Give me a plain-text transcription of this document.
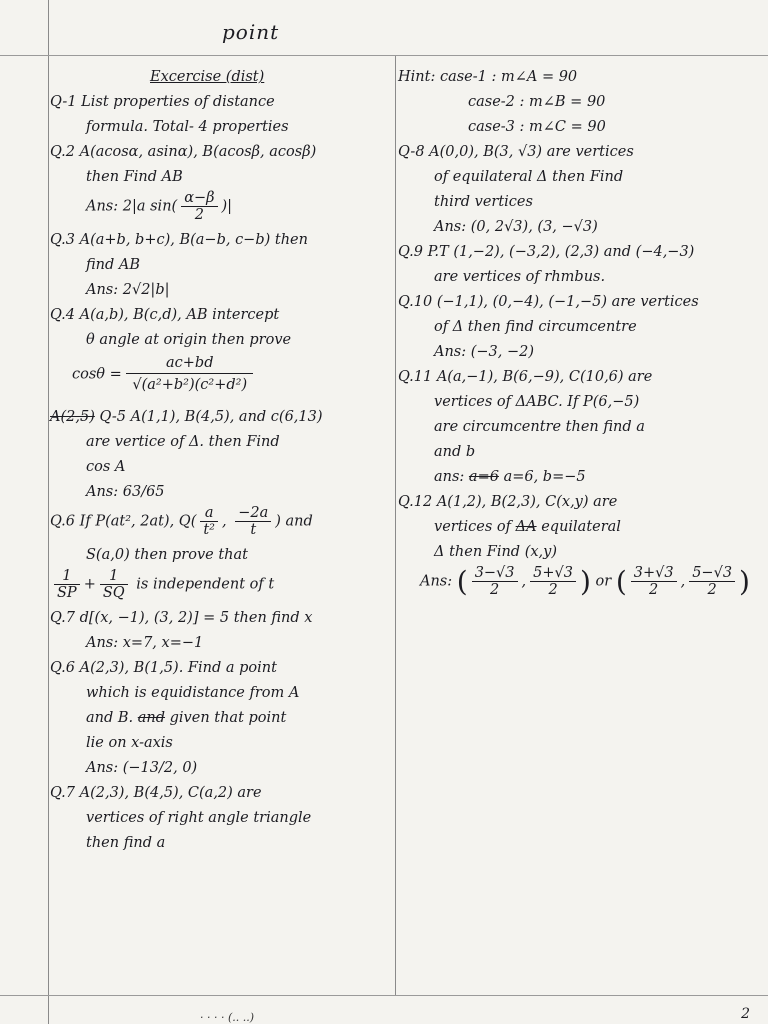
point
Excercise (dist)
Q-1 List properties of distance
formula. Total- 4 properties
Q.2 A(acosα, asinα), B(acosβ, acosβ)
then Find AB
Ans: 2|a $\sin( \frac{\alpha-\beta}{2}$ )|
Q.3 A(a+b, b+c), B(a−b, c−b) then
find AB
Ans: 2√2|b|
Q.4 A(a,b), B(c,d), AB intercept
θ angle at origin then prove
$\cos\theta = \frac{ac+bd}{\text{√(a²+b²)(c²+d²)}}$
A(2,5) Q-5 A(1,1), B(4,5), and c(6,13)
are vertice of Δ. then Find
cos A
Ans: 63/65
Q.6 If P(at², 2at), $Q( \frac{a}{\text{t²}}$ , $\frac{-2a}{t}$ ) and
S(a,0) then prove that
$\frac{1}{SP} + \frac{1}{SQ}$ is independent of t
Q.7 d[(x, −1), (3, 2)] = 5 then find x
Ans: x=7, x=−1
Q.6 A(2,3), B(1,5). Find a point
which is equidistance from A
and B. and given that point
lie on x-axis
Ans: (−13/2, 0)
Q.7 A(2,3), B(4,5), C(a,2) are
vertices of right angle triangle
then find a
Hint: case-1 : m∠A = 90
case-2 : m∠B = 90
case-3 : m∠C = 90
Q-8 A(0,0), B(3, √3) are vertices
of equilateral Δ then Find
third vertices
Ans: (0, 2√3), (3, −√3)
Q.9 P.T (1,−2), (−3,2), (2,3) and (−4,−3)
are vertices of rhmbus.
Q.10 (−1,1), (0,−4), (−1,−5) are vertices
of Δ then find circumcentre
Ans: (−3, −2)
Q.11 A(a,−1), B(6,−9), C(10,6) are
vertices of ΔABC. If P(6,−5)
are circumcentre then find a
and b
ans: a=6 a=6, b=−5
Q.12 A(1,2), B(2,3), C(x,y) are
vertices of ΔA equilateral
Δ then Find (x,y)
Ans: ( $\frac{3-√3}{2}$ , $\frac{5+√3}{2}$ ) or ( $\frac{3+√3}{2}$ , $\frac{5-√3}{2}$ )
· · · · (.. ..)	2
